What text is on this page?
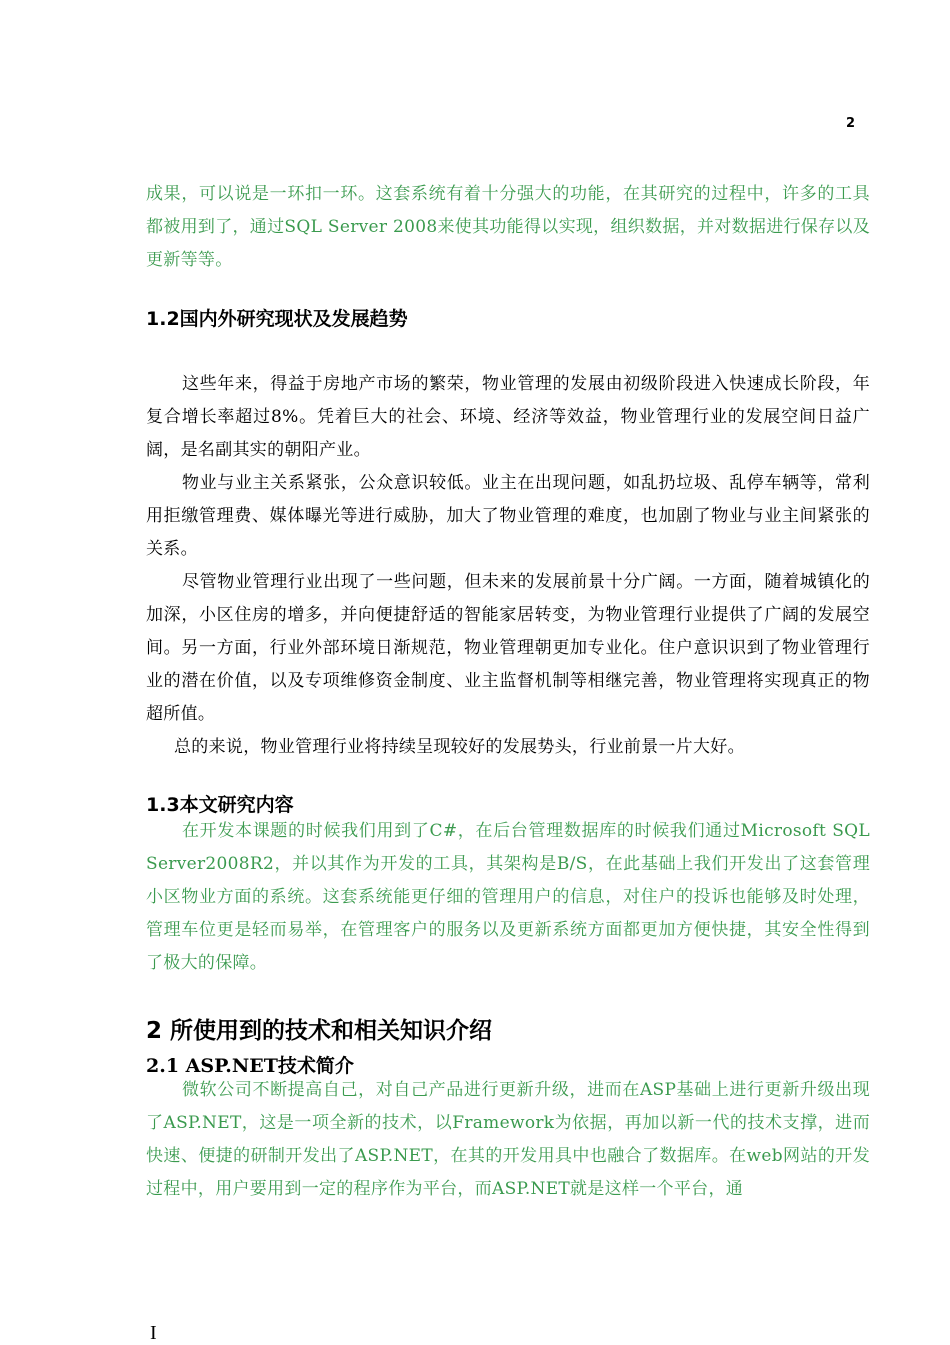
2

成果，可以说是一环扣一环。这套系统有着十分强大的功能，在其研究的过程中，许多的工具都被用到了，通过SQL Server 2008来使其功能得以实现，组织数据，并对数据进行保存以及更新等等。

1.2国内外研究现状及发展趋势

这些年来，得益于房地产市场的繁荣，物业管理的发展由初级阶段进入快速成长阶段，年复合增长率超过8%。凭着巨大的社会、环境、经济等效益，物业管理行业的发展空间日益广阔，是名副其实的朝阳产业。

物业与业主关系紧张，公众意识较低。业主在出现问题，如乱扔垃圾、乱停车辆等，常利用拒缴管理费、媒体曝光等进行威胁，加大了物业管理的难度，也加剧了物业与业主间紧张的关系。

尽管物业管理行业出现了一些问题，但未来的发展前景十分广阔。一方面，随着城镇化的加深，小区住房的增多，并向便捷舒适的智能家居转变，为物业管理行业提供了广阔的发展空间。另一方面，行业外部环境日渐规范，物业管理朝更加专业化。住户意识识到了物业管理行业的潜在价值，以及专项维修资金制度、业主监督机制等相继完善，物业管理将实现真正的物超所值。

总的来说，物业管理行业将持续呈现较好的发展势头，行业前景一片大好。

1.3本文研究内容

在开发本课题的时候我们用到了C#，在后台管理数据库的时候我们通过Microsoft SQL Server2008R2，并以其作为开发的工具，其架构是B/S，在此基础上我们开发出了这套管理小区物业方面的系统。这套系统能更仔细的管理用户的信息，对住户的投诉也能够及时处理，管理车位更是轻而易举，在管理客户的服务以及更新系统方面都更加方便快捷，其安全性得到了极大的保障。

2 所使用到的技术和相关知识介绍
2.1 ASP.NET技术简介

微软公司不断提高自己，对自己产品进行更新升级，进而在ASP基础上进行更新升级出现了ASP.NET，这是一项全新的技术，以Framework为依据，再加以新一代的技术支撑，进而快速、便捷的研制开发出了ASP.NET，在其的开发用具中也融合了数据库。在web网站的开发过程中，用户要用到一定的程序作为平台，而ASP.NET就是这样一个平台，通

I
